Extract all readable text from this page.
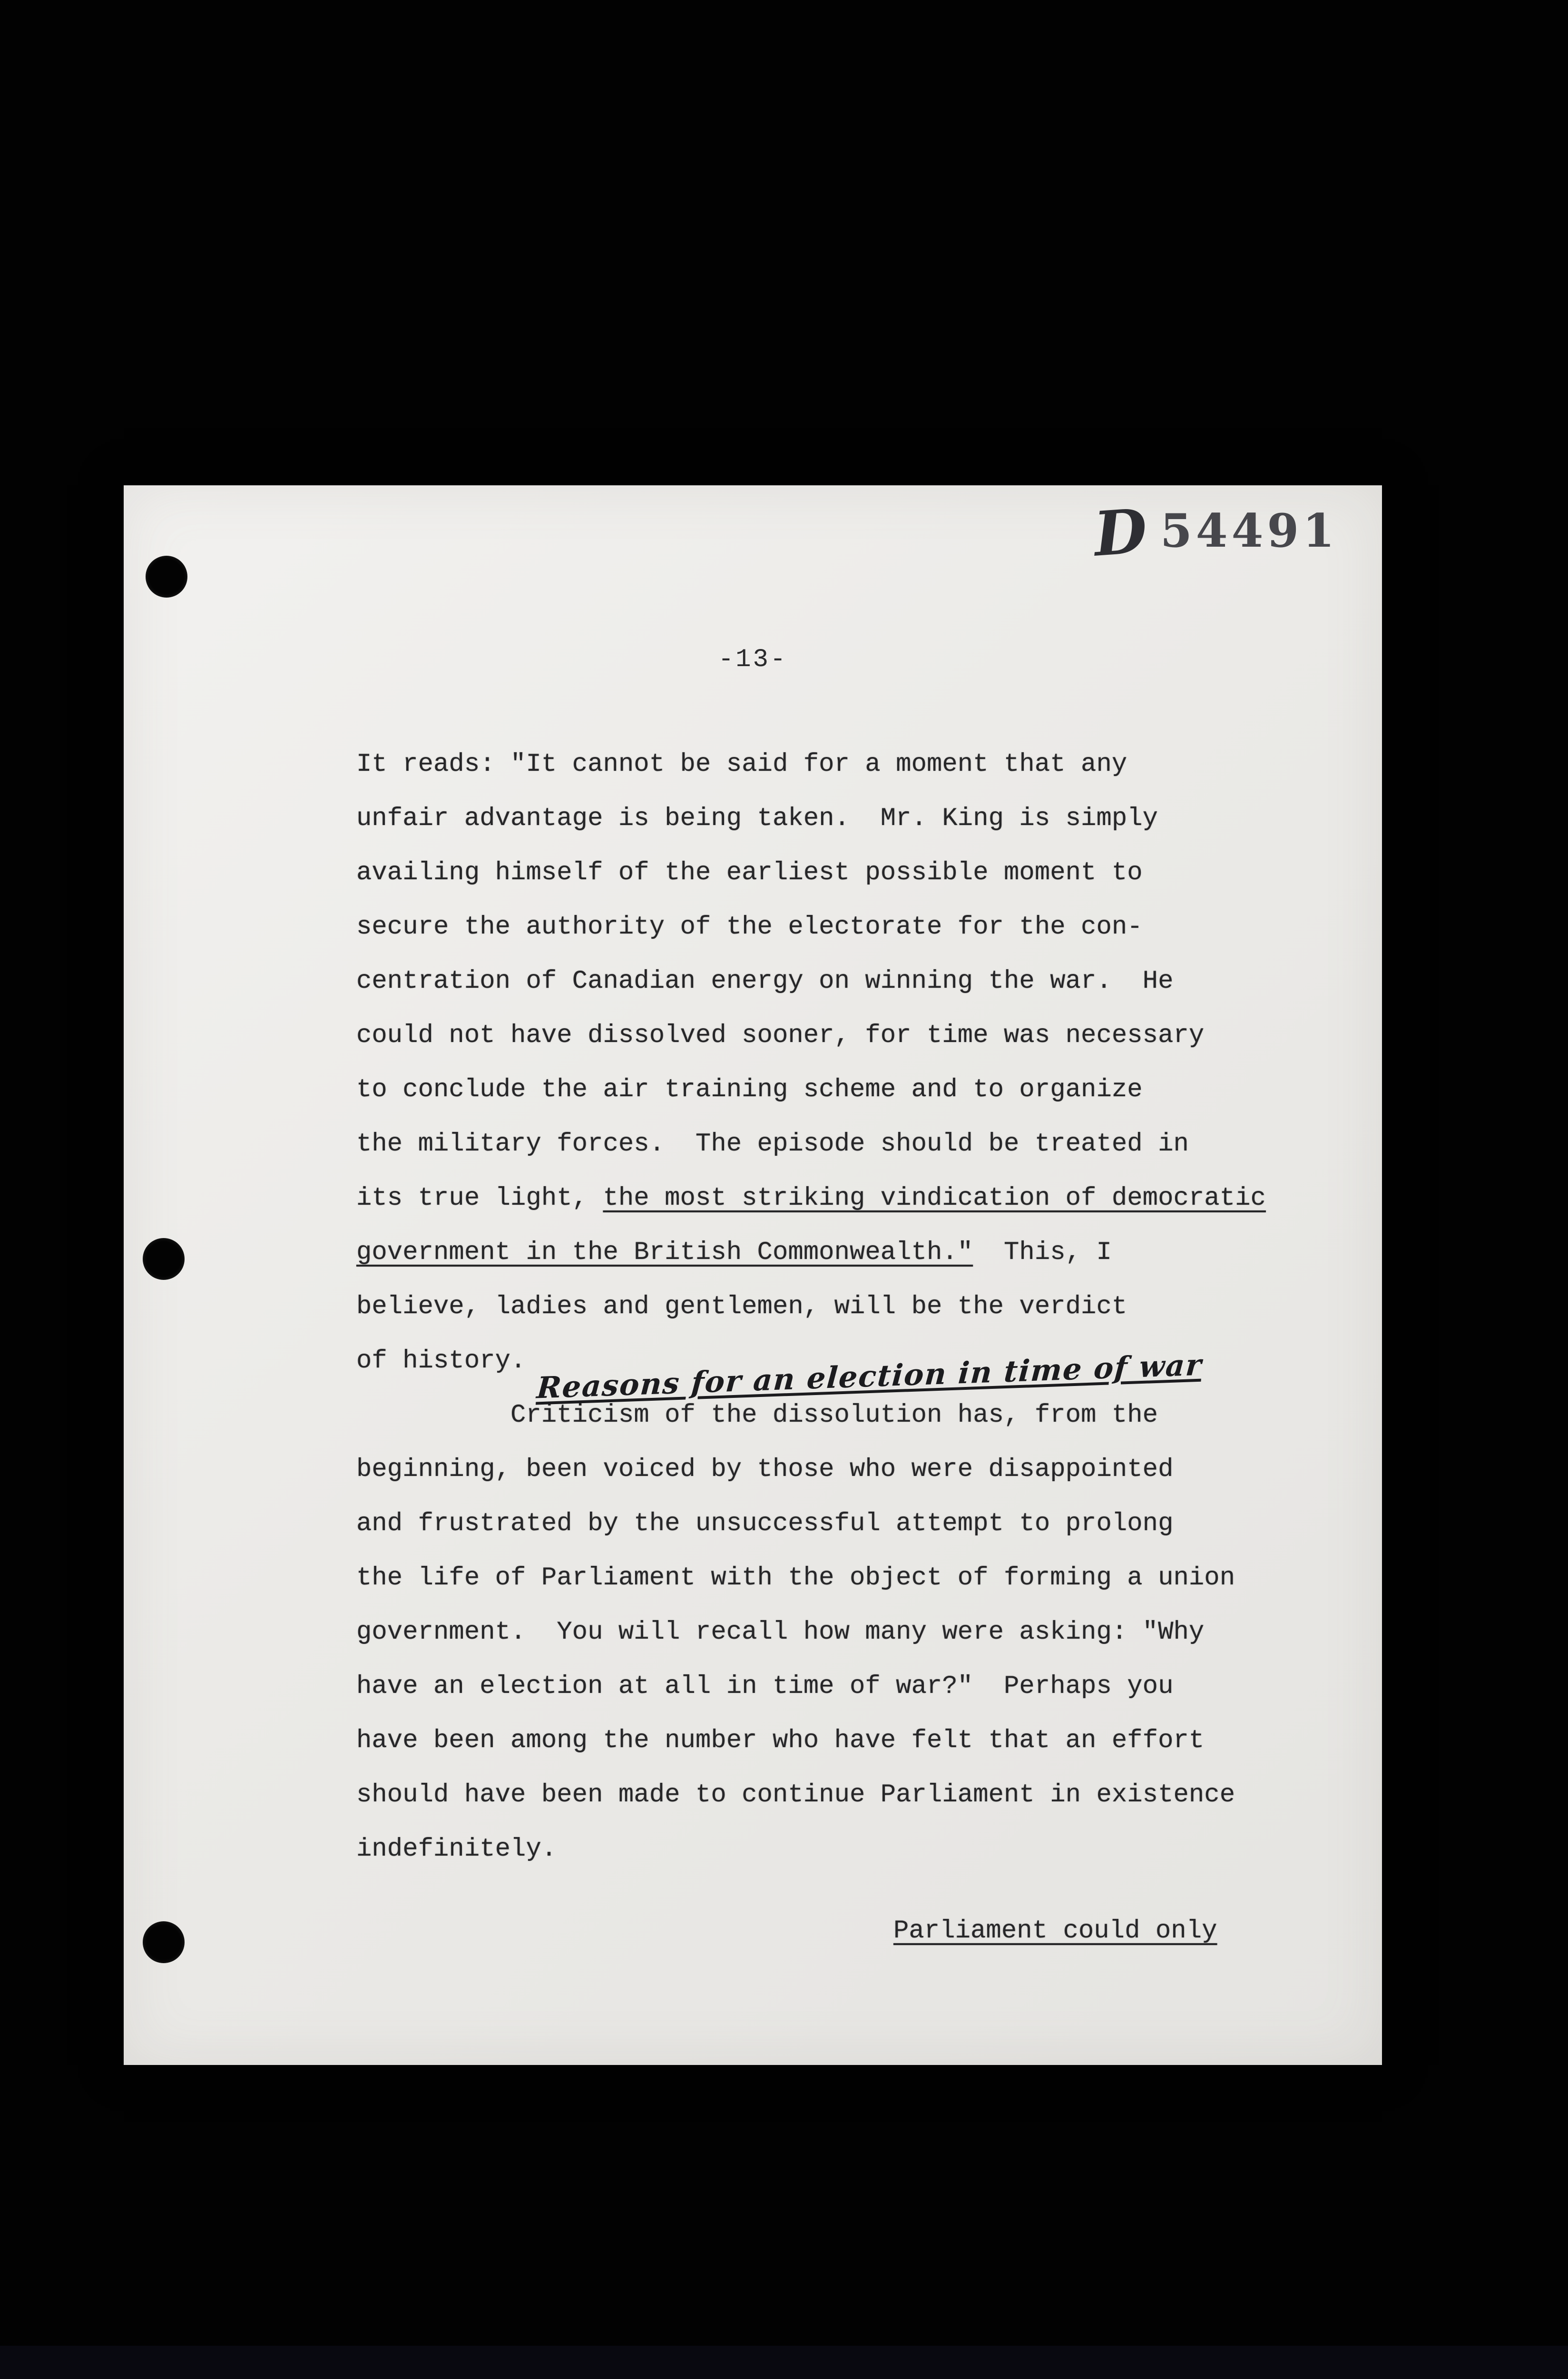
D 54491
-13-
It reads: "It cannot be said for a moment that any
unfair advantage is being taken.  Mr. King is simply
availing himself of the earliest possible moment to
secure the authority of the electorate for the con-
centration of Canadian energy on winning the war.  He
could not have dissolved sooner, for time was necessary
to conclude the air training scheme and to organize
the military forces.  The episode should be treated in
its true light, the most striking vindication of democratic
government in the British Commonwealth."  This, I
believe, ladies and gentlemen, will be the verdict
of history.
Criticism of the dissolution has, from the
beginning, been voiced by those who were disappointed
and frustrated by the unsuccessful attempt to prolong
the life of Parliament with the object of forming a union
government.  You will recall how many were asking: "Why
have an election at all in time of war?"  Perhaps you
have been among the number who have felt that an effort
should have been made to continue Parliament in existence
indefinitely.
Reasons for an election in time of war
Parliament could only
